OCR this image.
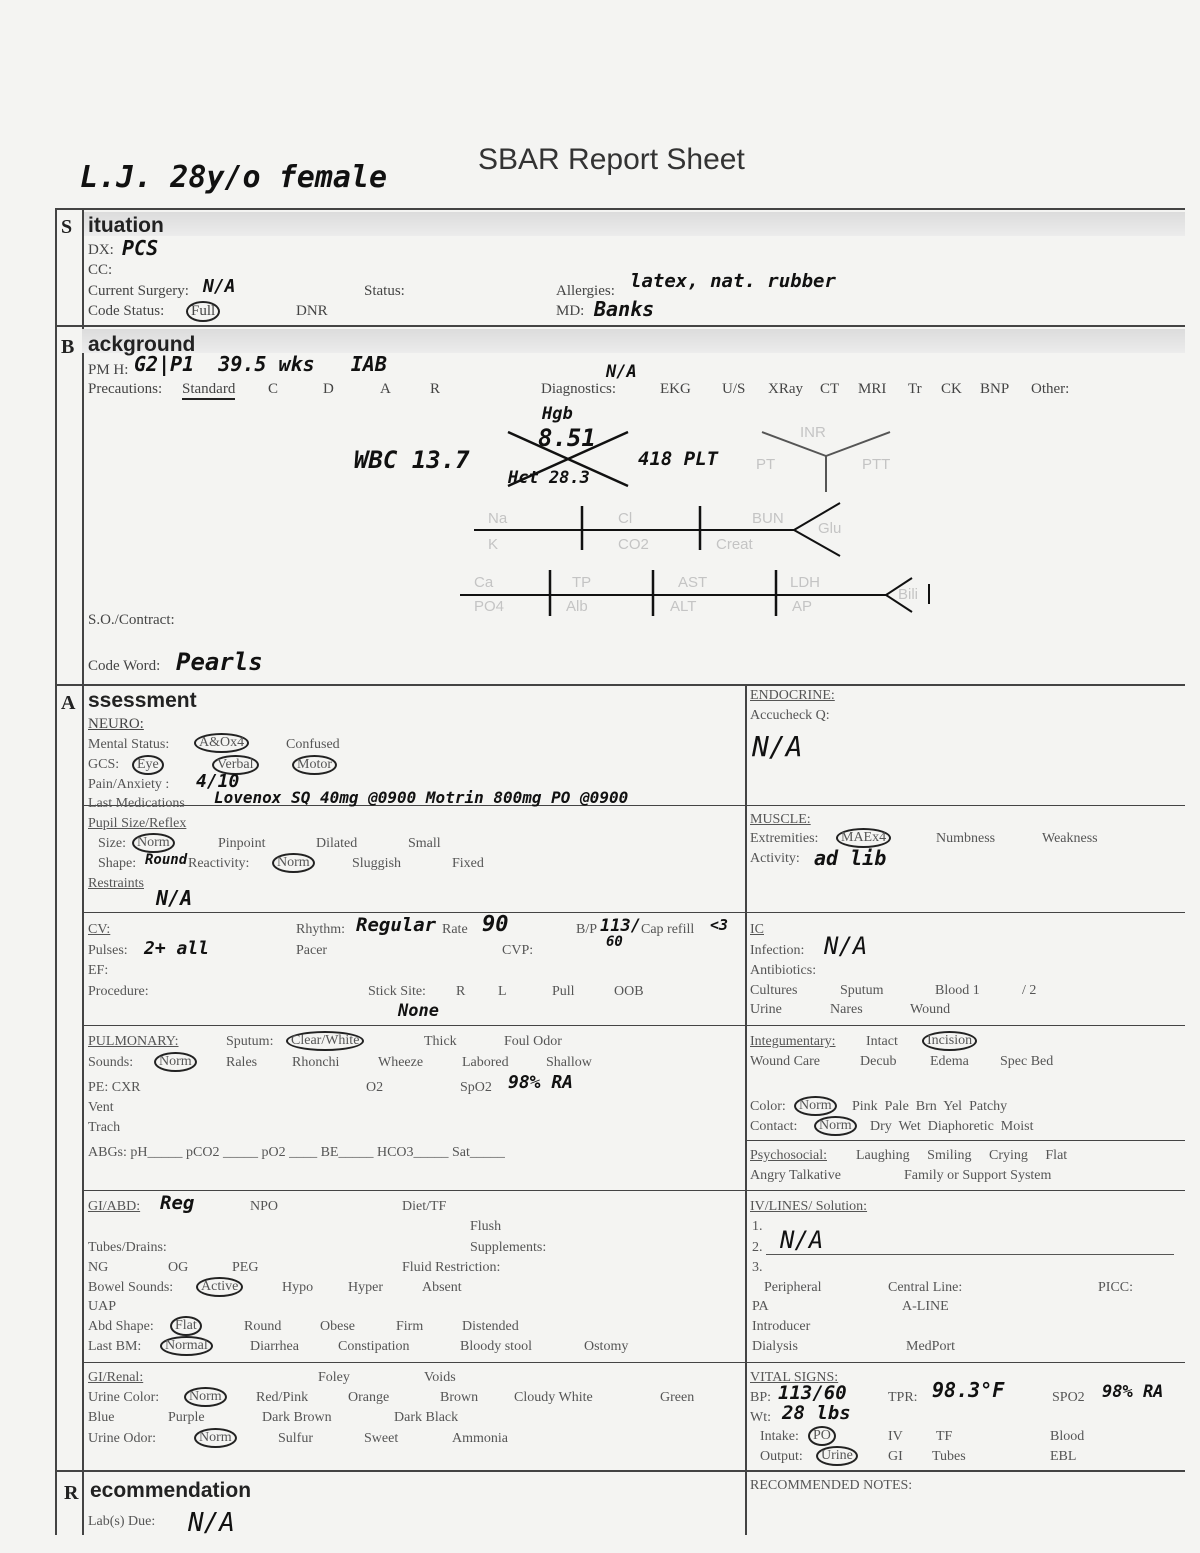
L.J. 28y/o female
SBAR Report Sheet
S ituation
DX: PCS
CC:
Current Surgery: N/A	Status:	Allergies: latex, nat. rubber
Code Status:	Full	DNR	MD: Banks
B ackground
PM H: G2|P1  39.5 wks   IAB
Precautions: Standard C	D	A	R	Diagnostics:
N/A
EKG U/S XRay CT MRI Tr CK BNP Other:
Hgb
8.51
WBC 13.7
Hct 28.3
418 PLT
INR
PT	PTT
Na	Cl	BUN
Glu
K	CO2	Creat
Ca	TP	AST	LDH
Bili
PO4	Alb	ALT	AP
S.O./Contract:
Code Word: Pearls
A ssessment
NEURO:
Mental Status:	A&Ox4	Confused
GCS:	Eye	Verbal	Motor
Pain/Anxiety : 4/10
Last Medications Lovenox SQ 40mg @0900 Motrin 800mg PO @0900
Pupil Size/Reflex
Size: Norm	Pinpoint	Dilated	Small
Shape: Round Reactivity:	Norm	Sluggish	Fixed
Restraints
N/A
ENDOCRINE:
Accucheck Q:
N/A
MUSCLE:
Extremities:	MAEx4	Numbness	Weakness
Activity: ad lib
CV:
Pulses: 2+ all
EF:
Procedure:
Rhythm: Regular Rate 90
Pacer
B/P 113/
60
Cap refill <3
CVP:
Stick Site: R L	Pull	OOB
None
IC
Infection: N/A
Antibiotics:
Cultures	Sputum	Blood 1	/ 2
Urine	Nares	Wound
PULMONARY:	Sputum:	Clear/White	Thick	Foul Odor
Sounds:	Norm	Rales Rhonchi	Wheeze	Labored	Shallow
PE: CXR	O2	SpO2 98% RA
Vent
Trach
ABGs: pH_____ pCO2 _____ pO2 ____ BE_____ HCO3_____ Sat_____
Integumentary: Intact	Incision
Wound Care	Decub Edema Spec Bed
Color: Norm	Pink  Pale  Brn  Yel  Patchy
Contact:	Norm	Dry  Wet  Diaphoretic  Moist
Psychosocial: Laughing     Smiling     Crying     Flat
Angry Talkative	Family or Support System
GI/ABD: Reg	NPO	Diet/TF
Flush
Tubes/Drains:	Supplements:
NG	OG	PEG	Fluid Restriction:
Bowel Sounds:	Active	Hypo Hyper	Absent
UAP
Abd Shape:	Flat	Round	Obese	Firm	Distended
Last BM:	Normal	Diarrhea	Constipation	Bloody stool	Ostomy
IV/LINES/ Solution:
1.
2. N/A
3.
Peripheral	Central Line:	PICC:
PA	A-LINE
Introducer
Dialysis	MedPort
GI/Renal:	Foley	Voids
Urine Color:	Norm	Red/Pink	Orange	Brown	Cloudy White	Green
Blue	Purple	Dark Brown	Dark Black
Urine Odor:	Norm	Sulfur	Sweet	Ammonia
VITAL SIGNS:
BP: 113/60	TPR: 98.3°F	SPO2 98% RA
Wt: 28 lbs
Intake:	PO	IV TF	Blood
Output:	Urine	GI Tubes	EBL
R ecommendation
Lab(s) Due: N/A
RECOMMENDED NOTES:
